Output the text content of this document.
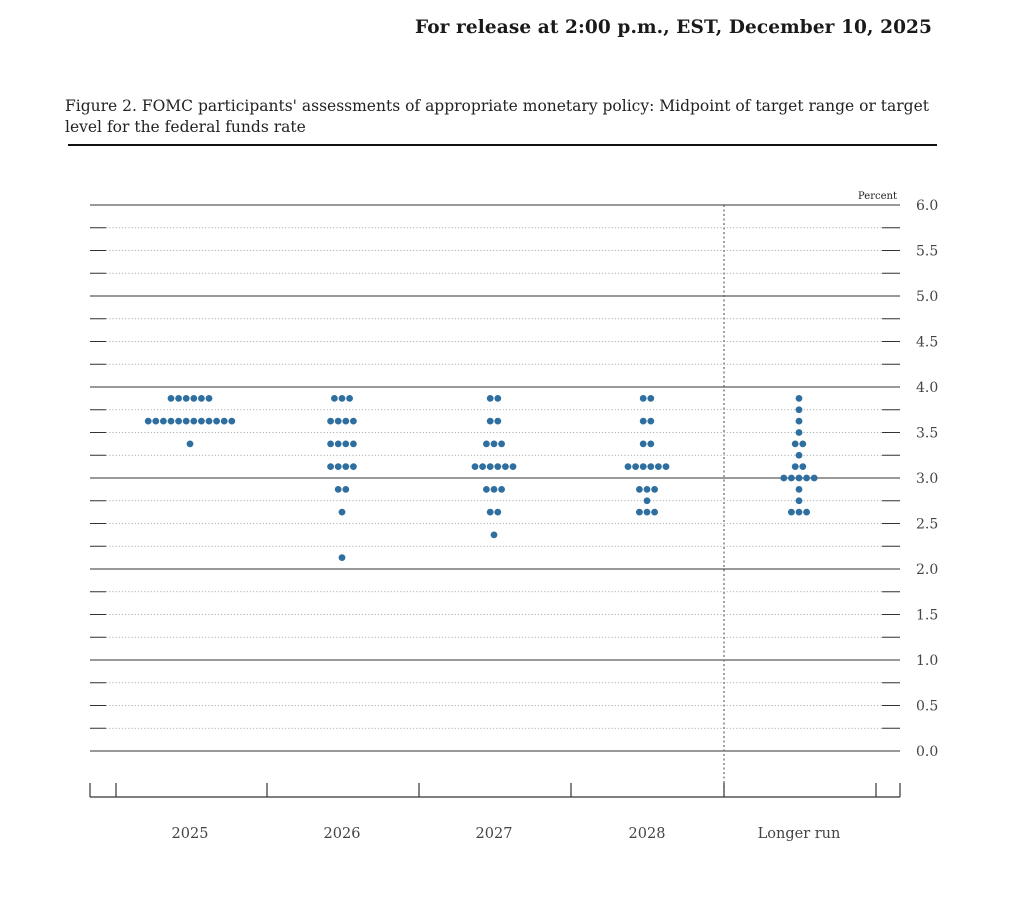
For release at 2:00 p.m., EST, December 10, 2025
Figure 2. FOMC participants' assessments of appropriate monetary policy: Midpoint of target range or target level for the federal funds rate
6.0
5.5
5.0
4.5
4.0
3.5
3.0
2.5
2.0
1.5
1.0
0.5
0.0
Percent
2025	2026	2027	2028	Longer run
